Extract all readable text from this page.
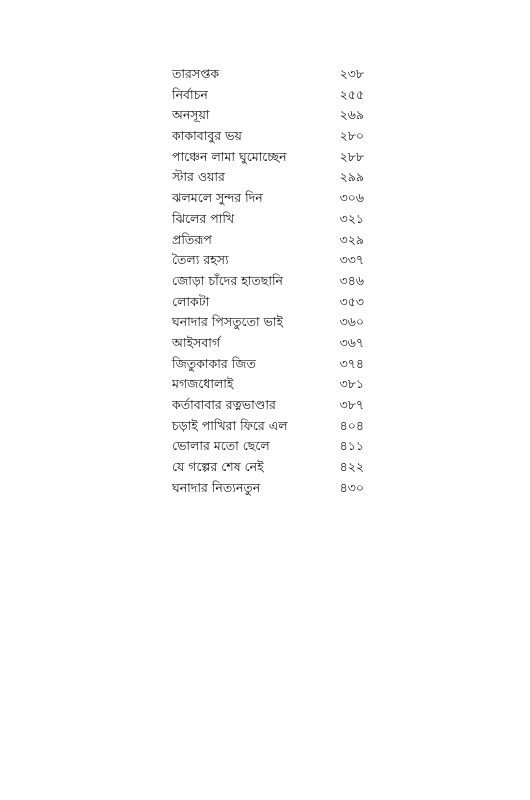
তারসপ্তক	২৩৮
নির্বাচন	২৫৫
অনসূয়া	২৬৯
কাকাবাবুর ভয়	২৮০
পাঞ্চেন লামা ঘুমোচ্ছেন	২৮৮
স্টার ওয়ার	২৯৯
ঝলমলে সুন্দর দিন	৩০৬
ঝিলের পাখি	৩২১
প্রতিরূপ	৩২৯
তৈল্য রহস্য	৩৩৭
জোড়া চাঁদের হাতছানি	৩৪৬
লোকটা	৩৫৩
ঘনাদার পিসতুতো ভাই	৩৬০
আইসবার্গ	৩৬৭
জিতুকাকার জিত	৩৭৪
মগজধোলাই	৩৮১
কর্তাবাবার রত্নভাণ্ডার	৩৮৭
চড়াই পাখিরা ফিরে এল	৪০৪
ভোলার মতো ছেলে	৪১১
যে গল্পের শেষ নেই	৪২২
ঘনাদার নিত্যনতুন	৪৩০
